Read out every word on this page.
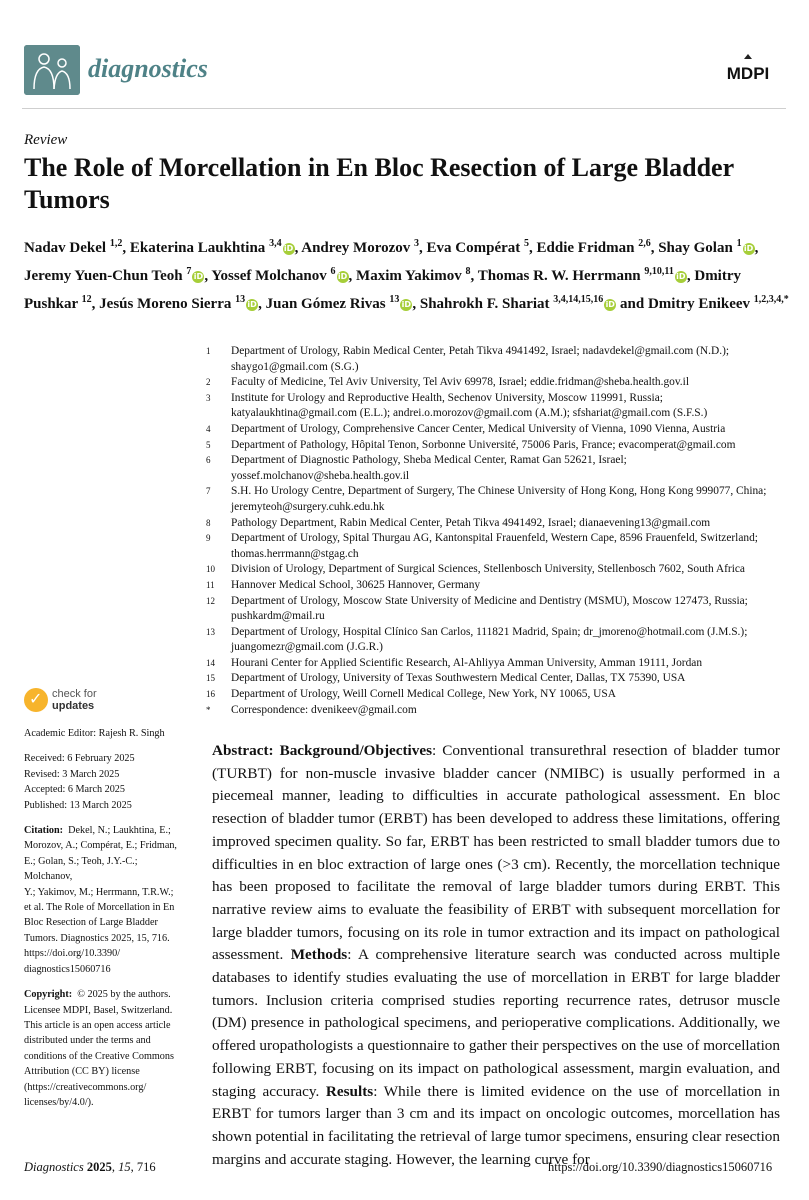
diagnostics	MDPI
Review
The Role of Morcellation in En Bloc Resection of Large Bladder Tumors
Nadav Dekel $^{1,2}$, Ekaterina Laukhtina $^{3,4}$ iD, Andrey Morozov $^3$, Eva Compérat $^5$, Eddie Fridman $^{2,6}$, Shay Golan $^1$ iD, Jeremy Yuen-Chun Teoh $^7$ iD, Yossef Molchanov $^6$ iD, Maxim Yakimov $^8$, Thomas R. W. Herrmann $^{9,10,11}$ iD, Dmitry Pushkar $^{12}$, Jesús Moreno Sierra $^{13}$ iD, Juan Gómez Rivas $^{13}$ iD, Shahrokh F. Shariat $^{3,4,14,15,16}$ iD and Dmitry Enikeev $^{1,2,3,4,*}$
1 Department of Urology, Rabin Medical Center, Petah Tikva 4941492, Israel; nadavdekel@gmail.com (N.D.); shaygo1@gmail.com (S.G.)
2 Faculty of Medicine, Tel Aviv University, Tel Aviv 69978, Israel; eddie.fridman@sheba.health.gov.il
3 Institute for Urology and Reproductive Health, Sechenov University, Moscow 119991, Russia; katyalaukhtina@gmail.com (E.L.); andrei.o.morozov@gmail.com (A.M.); sfshariat@gmail.com (S.F.S.)
4 Department of Urology, Comprehensive Cancer Center, Medical University of Vienna, 1090 Vienna, Austria
5 Department of Pathology, Hôpital Tenon, Sorbonne Université, 75006 Paris, France; evacomperat@gmail.com
6 Department of Diagnostic Pathology, Sheba Medical Center, Ramat Gan 52621, Israel; yossef.molchanov@sheba.health.gov.il
7 S.H. Ho Urology Centre, Department of Surgery, The Chinese University of Hong Kong, Hong Kong 999077, China; jeremyteoh@surgery.cuhk.edu.hk
8 Pathology Department, Rabin Medical Center, Petah Tikva 4941492, Israel; dianaevening13@gmail.com
9 Department of Urology, Spital Thurgau AG, Kantonspital Frauenfeld, Western Cape, 8596 Frauenfeld, Switzerland; thomas.herrmann@stgag.ch
10 Division of Urology, Department of Surgical Sciences, Stellenbosch University, Stellenbosch 7602, South Africa
11 Hannover Medical School, 30625 Hannover, Germany
12 Department of Urology, Moscow State University of Medicine and Dentistry (MSMU), Moscow 127473, Russia; pushkardm@mail.ru
13 Department of Urology, Hospital Clínico San Carlos, 111821 Madrid, Spain; dr_jmoreno@hotmail.com (J.M.S.); juangomezr@gmail.com (J.G.R.)
14 Hourani Center for Applied Scientific Research, Al-Ahliyya Amman University, Amman 19111, Jordan
15 Department of Urology, University of Texas Southwestern Medical Center, Dallas, TX 75390, USA
16 Department of Urology, Weill Cornell Medical College, New York, NY 10065, USA
* Correspondence: dvenikeev@gmail.com
✓ check for
updates
Academic Editor: Rajesh R. Singh
Received: 6 February 2025
Revised: 3 March 2025
Accepted: 6 March 2025
Published: 13 March 2025
Citation: Dekel, N.; Laukhtina, E.;
Morozov, A.; Compérat, E.; Fridman,
E.; Golan, S.; Teoh, J.Y.-C.; Molchanov,
Y.; Yakimov, M.; Herrmann, T.R.W.;
et al. The Role of Morcellation in En
Bloc Resection of Large Bladder
Tumors. Diagnostics 2025, 15, 716.
https://doi.org/10.3390/
diagnostics15060716
Copyright: © 2025 by the authors.
Licensee MDPI, Basel, Switzerland.
This article is an open access article
distributed under the terms and
conditions of the Creative Commons
Attribution (CC BY) license
(https://creativecommons.org/
licenses/by/4.0/).

Abstract: Background/Objectives: Conventional transurethral resection of bladder tumor (TURBT) for non-muscle invasive bladder cancer (NMIBC) is usually performed in a piecemeal manner, leading to difficulties in accurate pathological assessment. En bloc resection of bladder tumor (ERBT) has been developed to address these limitations, offering improved specimen quality. So far, ERBT has been restricted to small bladder tumors due to difficulties in en bloc extraction of large ones (>3 cm). Recently, the morcellation technique has been proposed to facilitate the removal of large bladder tumors during ERBT. This narrative review aims to evaluate the feasibility of ERBT with subsequent morcellation for large bladder tumors, focusing on its role in tumor extraction and its impact on pathological assessment. Methods: A comprehensive literature search was conducted across multiple databases to identify studies evaluating the use of morcellation in ERBT for large bladder tumors. Inclusion criteria comprised studies reporting recurrence rates, detrusor muscle (DM) presence in pathological specimens, and perioperative complications. Additionally, we offered uropathologists a questionnaire to gather their perspectives on the use of morcellation following ERBT, focusing on its impact on pathological assessment, margin evaluation, and staging accuracy. Results: While there is limited evidence on the use of morcellation in ERBT for tumors larger than 3 cm and its impact on oncologic outcomes, morcellation has shown potential in facilitating the retrieval of large tumor specimens, ensuring clear resection margins and accurate staging. However, the learning curve for

Diagnostics 2025, 15, 716	https://doi.org/10.3390/diagnostics15060716
